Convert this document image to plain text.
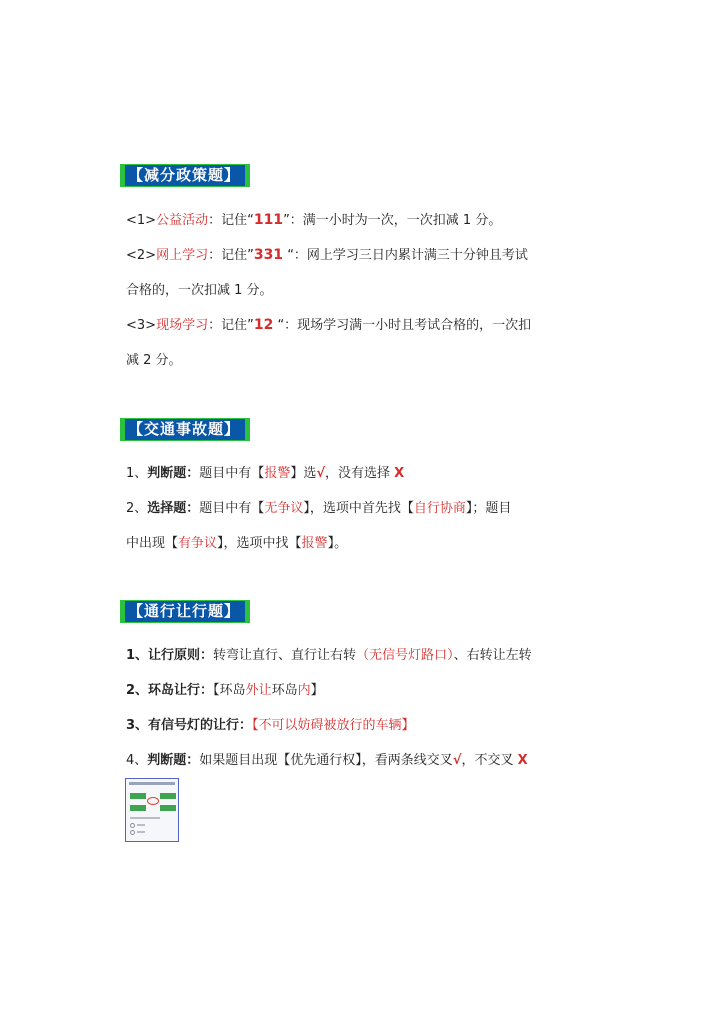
【减分政策题】
<1>公益活动：记住“111”：满一小时为一次，一次扣减 1 分。
<2>网上学习：记住”331 “：网上学习三日内累计满三十分钟且考试
合格的，一次扣减 1 分。
<3>现场学习：记住”12 “：现场学习满一小时且考试合格的，一次扣
减 2 分。
【交通事故题】
1、判断题：题目中有【报警】选√，没有选择 X
2、选择题：题目中有【无争议】，选项中首先找【自行协商】；题目
中出现【有争议】，选项中找【报警】。
【通行让行题】
1、让行原则：转弯让直行、直行让右转（无信号灯路口）、右转让左转
2、环岛让行：【环岛外让环岛内】
3、有信号灯的让行：【不可以妨碍被放行的车辆】
4、判断题：如果题目出现【优先通行权】，看两条线交叉√，不交叉 X
